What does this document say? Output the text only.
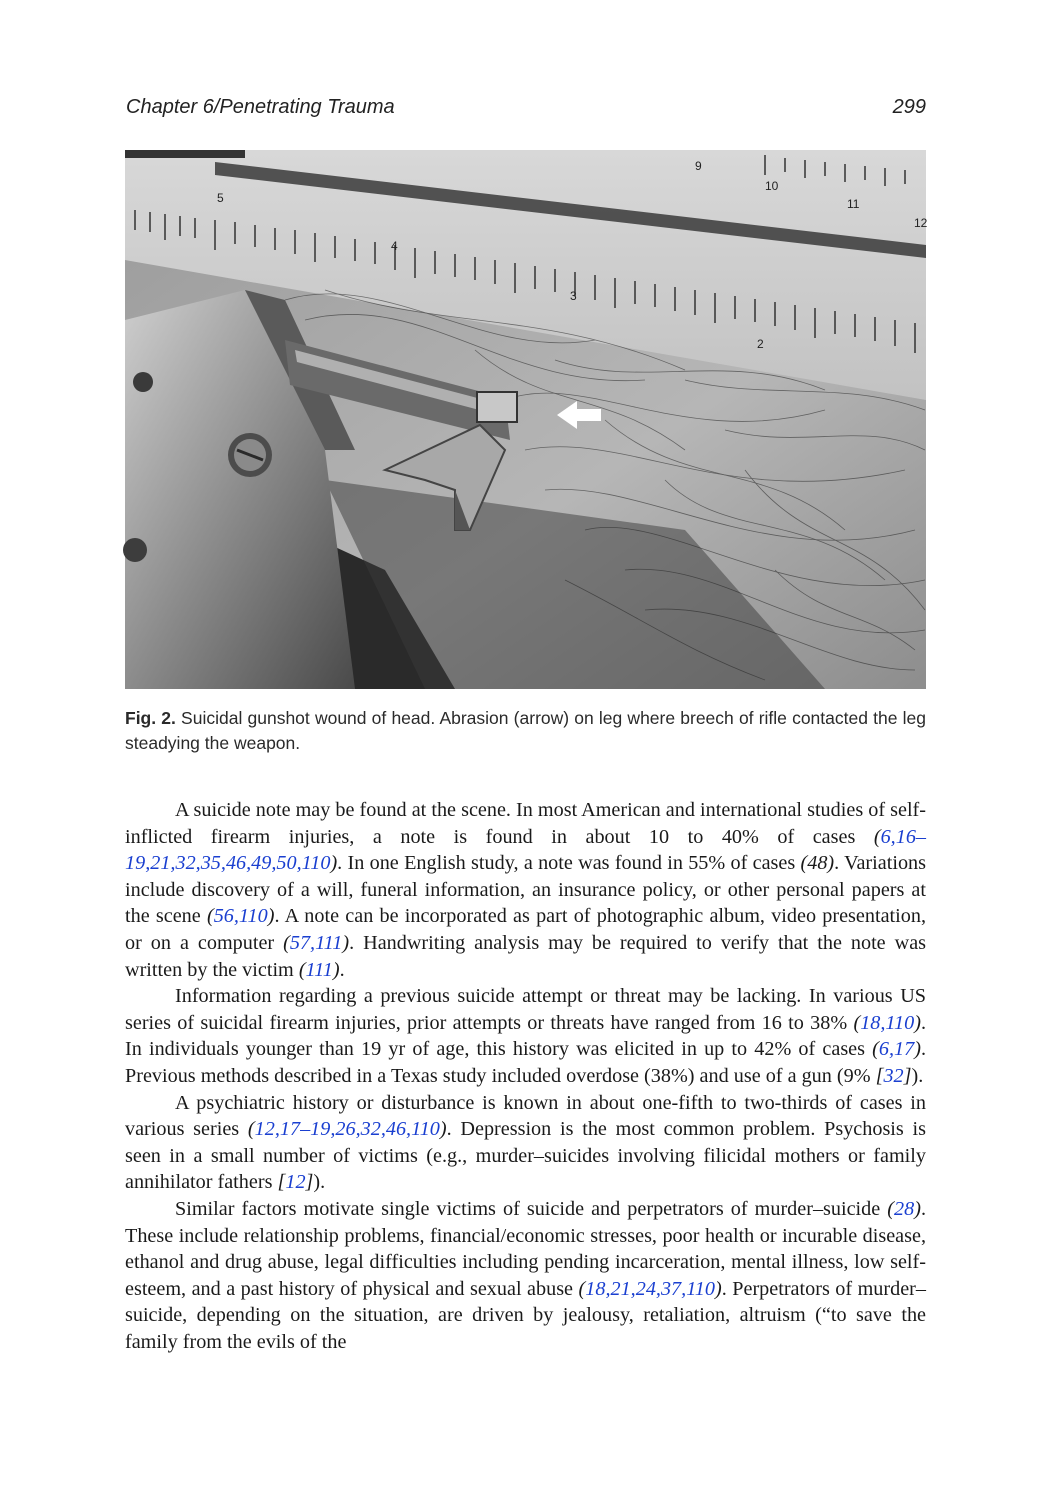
Chapter 6/Penetrating Trauma	299
5
9
10
11
12
4
3
2
Fig. 2. Suicidal gunshot wound of head. Abrasion (arrow) on leg where breech of rifle contacted the leg steadying the weapon.

A suicide note may be found at the scene. In most American and international studies of self-inflicted firearm injuries, a note is found in about 10 to 40% of cases (6,16–19,21,32,35,46,49,50,110). In one English study, a note was found in 55% of cases (48). Variations include discovery of a will, funeral information, an insurance policy, or other personal papers at the scene (56,110). A note can be incorporated as part of photographic album, video presentation, or on a computer (57,111). Handwriting analysis may be required to verify that the note was written by the victim (111).

Information regarding a previous suicide attempt or threat may be lacking. In various US series of suicidal firearm injuries, prior attempts or threats have ranged from 16 to 38% (18,110). In individuals younger than 19 yr of age, this history was elicited in up to 42% of cases (6,17). Previous methods described in a Texas study included overdose (38%) and use of a gun (9% [32]).

A psychiatric history or disturbance is known in about one-fifth to two-thirds of cases in various series (12,17–19,26,32,46,110). Depression is the most common problem. Psychosis is seen in a small number of victims (e.g., murder–suicides involving filicidal mothers or family annihilator fathers [12]).

Similar factors motivate single victims of suicide and perpetrators of murder–suicide (28). These include relationship problems, financial/economic stresses, poor health or incurable disease, ethanol and drug abuse, legal difficulties including pending incarceration, mental illness, low self-esteem, and a past history of physical and sexual abuse (18,21,24,37,110). Perpetrators of murder–suicide, depending on the situation, are driven by jealousy, retaliation, altruism (“to save the family from the evils of the
